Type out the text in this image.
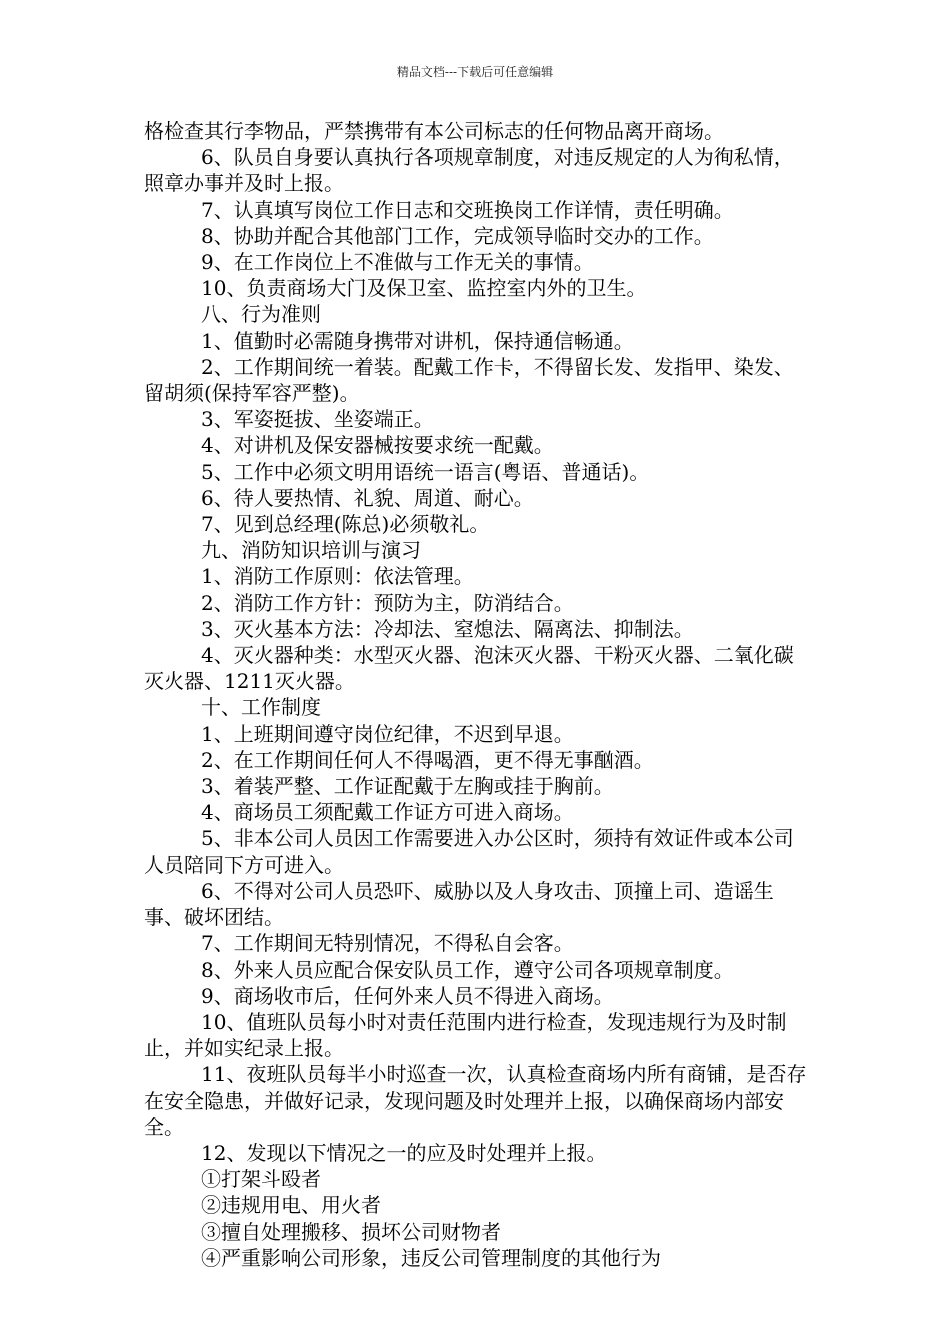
精品文档---下载后可任意编辑

格检查其行李物品，严禁携带有本公司标志的任何物品离开商场。

6、队员自身要认真执行各项规章制度，对违反规定的人为徇私情，照章办事并及时上报。

7、认真填写岗位工作日志和交班换岗工作详情，责任明确。

8、协助并配合其他部门工作，完成领导临时交办的工作。

9、在工作岗位上不准做与工作无关的事情。

10、负责商场大门及保卫室、监控室内外的卫生。

八、行为准则

1、值勤时必需随身携带对讲机，保持通信畅通。

2、工作期间统一着装。配戴工作卡，不得留长发、发指甲、染发、留胡须(保持军容严整)。

3、军姿挺拔、坐姿端正。

4、对讲机及保安器械按要求统一配戴。

5、工作中必须文明用语统一语言(粤语、普通话)。

6、待人要热情、礼貌、周道、耐心。

7、见到总经理(陈总)必须敬礼。

九、消防知识培训与演习

1、消防工作原则：依法管理。

2、消防工作方针：预防为主，防消结合。

3、灭火基本方法：冷却法、窒熄法、隔离法、抑制法。

4、灭火器种类：水型灭火器、泡沫灭火器、干粉灭火器、二氧化碳灭火器、1211灭火器。

十、工作制度

1、上班期间遵守岗位纪律，不迟到早退。

2、在工作期间任何人不得喝酒，更不得无事酗酒。

3、着装严整、工作证配戴于左胸或挂于胸前。

4、商场员工须配戴工作证方可进入商场。

5、非本公司人员因工作需要进入办公区时，须持有效证件或本公司人员陪同下方可进入。

6、不得对公司人员恐吓、威胁以及人身攻击、顶撞上司、造谣生事、破坏团结。

7、工作期间无特别情况，不得私自会客。

8、外来人员应配合保安队员工作，遵守公司各项规章制度。

9、商场收市后，任何外来人员不得进入商场。

10、值班队员每小时对责任范围内进行检查，发现违规行为及时制止，并如实纪录上报。

11、夜班队员每半小时巡查一次，认真检查商场内所有商铺，是否存在安全隐患，并做好记录，发现问题及时处理并上报，以确保商场内部安全。

12、发现以下情况之一的应及时处理并上报。

①打架斗殴者

②违规用电、用火者

③擅自处理搬移、损坏公司财物者

④严重影响公司形象，违反公司管理制度的其他行为
